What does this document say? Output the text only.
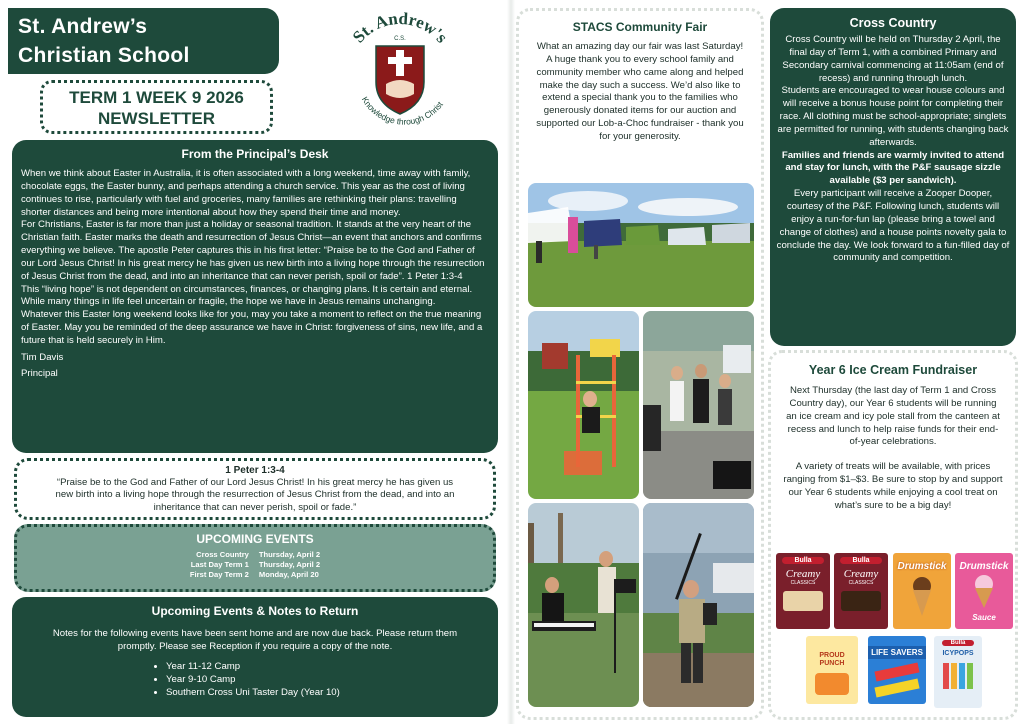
St. Andrew’s
Christian School
TERM 1 WEEK 9 2026
NEWSLETTER
St. Andrew's
C.S.
Knowledge through Christ
From the Principal’s Desk

When we think about Easter in Australia, it is often associated with a long weekend, time away with family, chocolate eggs, the Easter bunny, and perhaps attending a church service. This year as the cost of living continues to rise, particularly with fuel and groceries, many families are rethinking their plans: travelling shorter distances and being more intentional about how they spend their time and money.

For Christians, Easter is far more than just a holiday or seasonal tradition. It stands at the very heart of the Christian faith. Easter marks the death and resurrection of Jesus Christ—an event that anchors and confirms everything we believe. The apostle Peter captures this in his first letter: “Praise be to the God and Father of our Lord Jesus Christ! In his great mercy he has given us new birth into a living hope through the resurrection of Jesus Christ from the dead, and into an inheritance that can never perish, spoil or fade”. 1 Peter 1:3-4

This “living hope” is not dependent on circumstances, finances, or changing plans. It is certain and eternal. While many things in life feel uncertain or fragile, the hope we have in Jesus remains unchanging.

Whatever this Easter long weekend looks like for you, may you take a moment to reflect on the true meaning of Easter. May you be reminded of the deep assurance we have in Christ: forgiveness of sins, new life, and a future that is held securely in Him.

Tim Davis

Principal

1 Peter 1:3-4

“Praise be to the God and Father of our Lord Jesus Christ! In his great mercy he has given us new birth into a living hope through the resurrection of Jesus Christ from the dead, and into an inheritance that can never perish, spoil or fade.”

UPCOMING EVENTS
Cross Country	Thursday, April 2
Last Day Term 1	Thursday, April 2
First Day Term 2	Monday, April 20
Upcoming Events & Notes to Return

Notes for the following events have been sent home and are now due back. Please return them promptly. Please see Reception if you require a copy of the note.

• Year 11-12 Camp
• Year 9-10 Camp
• Southern Cross Uni Taster Day (Year 10)
STACS Community Fair

What an amazing day our fair was last Saturday! A huge thank you to every school family and community member who came along and helped make the day such a success. We’d also like to extend a special thank you to the families who generously donated items for our auction and supported our Lob-a-Choc fundraiser - thank you for your generosity.

Cross Country

Cross Country will be held on Thursday 2 April, the final day of Term 1, with a combined Primary and Secondary carnival commencing at 11:05am (end of recess) and running through lunch.

Students are encouraged to wear house colours and will receive a bonus house point for completing their race. All clothing must be school-appropriate; singlets are permitted for running, with students changing back afterwards.

Families and friends are warmly invited to attend and stay for lunch, with the P&F sausage sizzle available ($3 per sandwich).

Every participant will receive a Zooper Dooper, courtesy of the P&F. Following lunch, students will enjoy a run-for-fun lap (please bring a towel and change of clothes) and a house points novelty gala to conclude the day. We look forward to a fun-filled day of community and competition.

Year 6 Ice Cream Fundraiser

Next Thursday (the last day of Term 1 and Cross Country day), our Year 6 students will be running an ice cream and icy pole stall from the canteen at recess and lunch to help raise funds for their end-of-year celebrations.

A variety of treats will be available, with prices ranging from $1–$3. Be sure to stop by and support our Year 6 students while enjoying a cool treat on what’s sure to be a big day!

Bulla
Creamy
CLASSICS
Bulla
Creamy
CLASSICS
Drumstick	Drumstick
Sauce
PROUD PUNCH
LIFE SAVERS
Bulla
ICYPOPS
